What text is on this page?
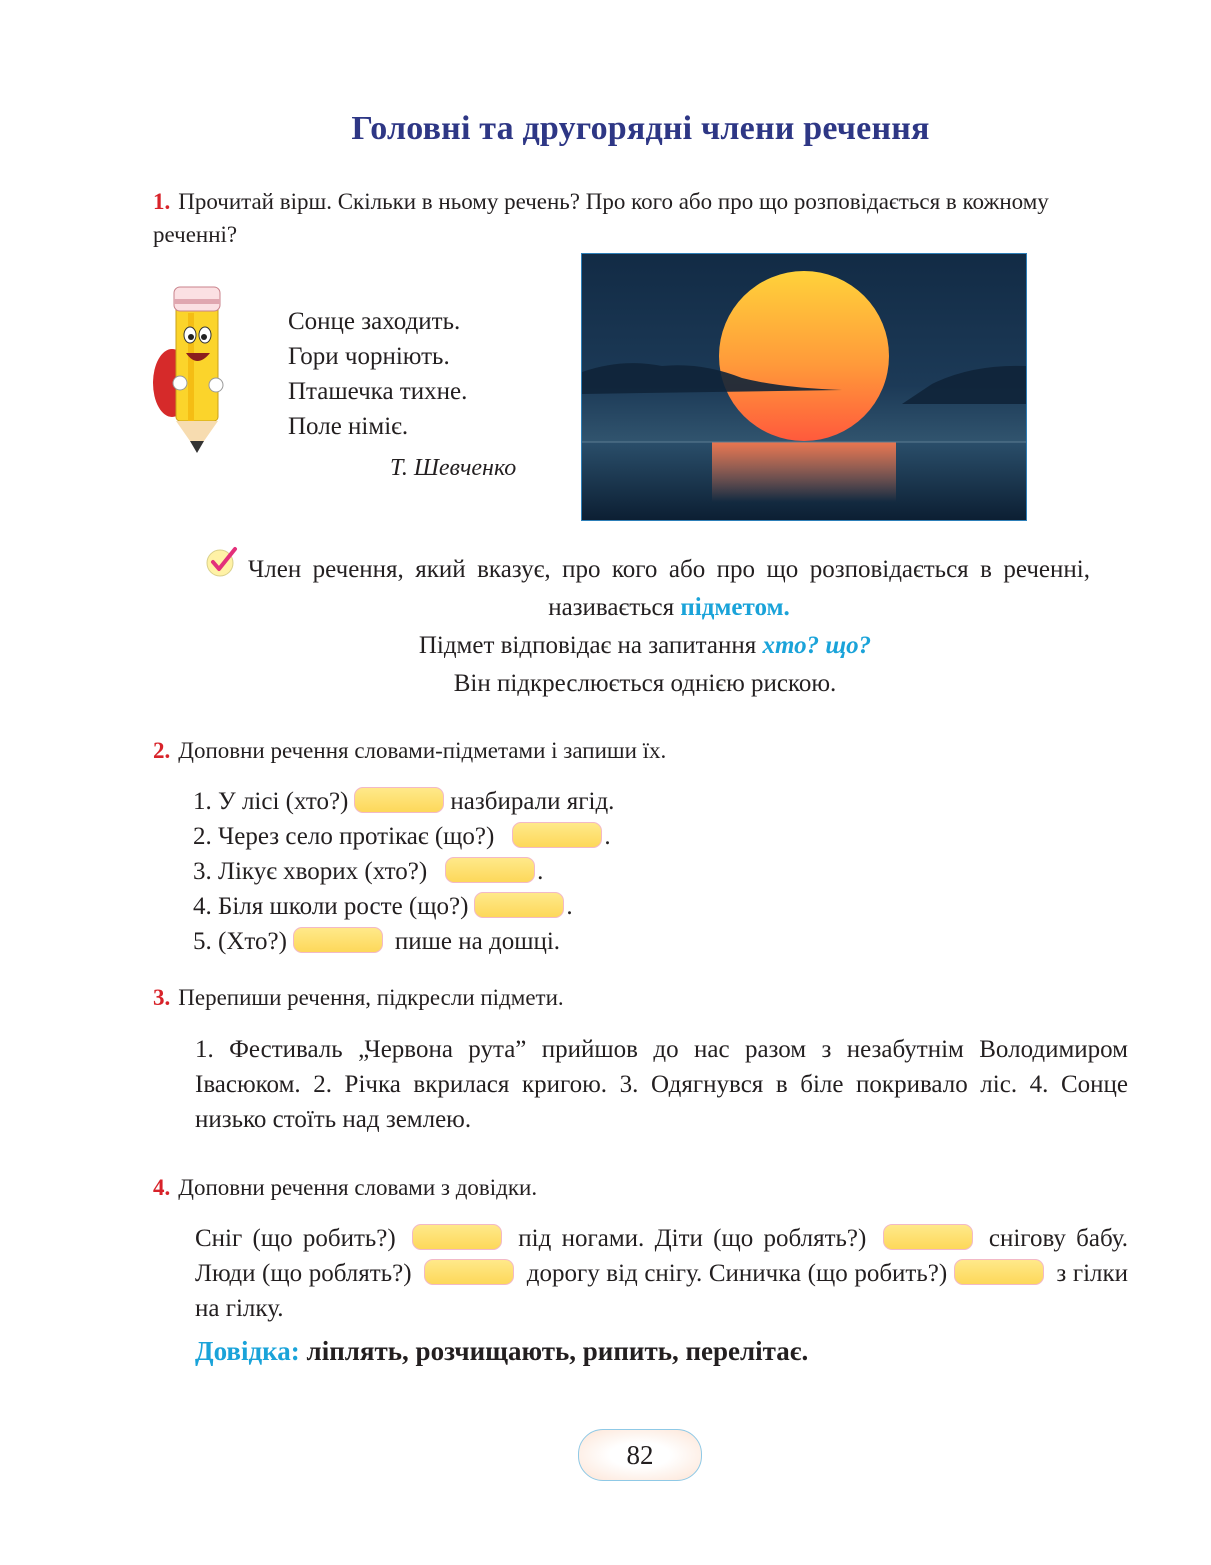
Головні та другорядні члени речення
1. Прочитай вірш. Скільки в ньому речень? Про кого або про що розповідається в кожному реченні?
Сонце заходить.
Гори чорніють.
Пташечка тихне.
Поле німіє.
Т. Шевченко

Член речення, який вказує, про кого або про що розповідається в реченні, називається підметом.

Підмет відповідає на запитання хто? що?

Він підкреслюється однією рискою.

2. Доповни речення словами-підметами і запиши їх.
1. У лісі (хто?)	назбирали ягід.
2. Через село протікає (що?)	.
3. Лікує хворих (хто?)	.
4. Біля школи росте (що?)	.
5. (Хто?)	пише на дошці.
3. Перепиши речення, підкресли підмети.
1. Фестиваль „Червона рута” прийшов до нас разом з незабутнім Володимиром Івасюком. 2. Річка вкрилася кригою. 3. Одягнувся в біле покривало ліс. 4. Сонце низько стоїть над землею.
4. Доповни речення словами з довідки.
Сніг (що робить?)	під ногами. Діти (що роблять?)	снігову бабу. Люди (що роблять?)	дорогу від снігу. Синичка (що робить?)	з гілки на гілку.
Довідка: ліплять, розчищають, рипить, перелітає.
82
